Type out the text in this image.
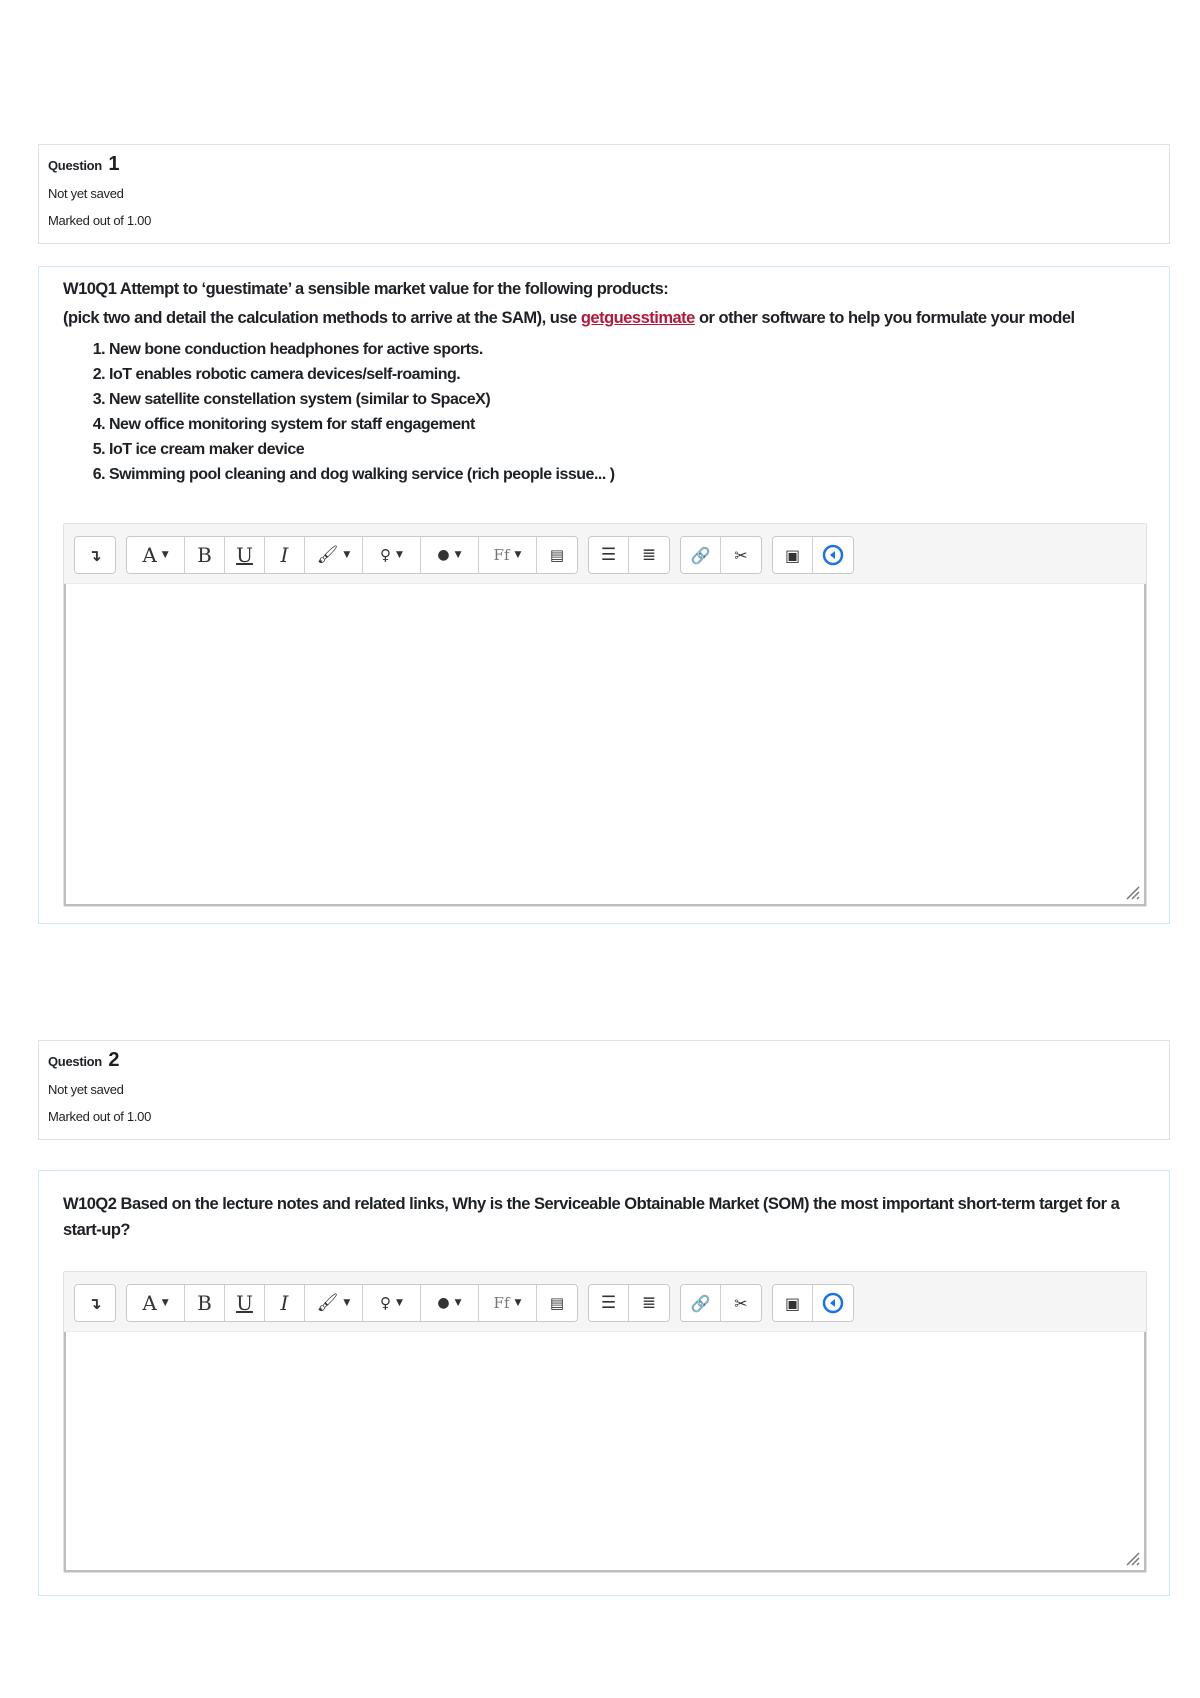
Question 1
Not yet saved
Marked out of 1.00
W10Q1 Attempt to ‘guestimate’ a sensible market value for the following products:
(pick two and detail the calculation methods to arrive at the SAM), use getguesstimate or other software to help you formulate your model
1. New bone conduction headphones for active sports.
2. IoT enables robotic camera devices/self-roaming.
3. New satellite constellation system (similar to SpaceX)
4. New office monitoring system for staff engagement
5. IoT ice cream maker device
6. Swimming pool cleaning and dog walking service (rich people issue... )
↴ A ▼ B U I 🖌 ▼ ♀ ▼ ● ▼ Ff ▼ ▤ ☰ ≣ 🔗 ✂ ▣
Question 2
Not yet saved
Marked out of 1.00
W10Q2 Based on the lecture notes and related links, Why is the Serviceable Obtainable Market (SOM) the most important short-term target for a start-up?
↴ A ▼ B U I 🖌 ▼ ♀ ▼ ● ▼ Ff ▼ ▤ ☰ ≣ 🔗 ✂ ▣
